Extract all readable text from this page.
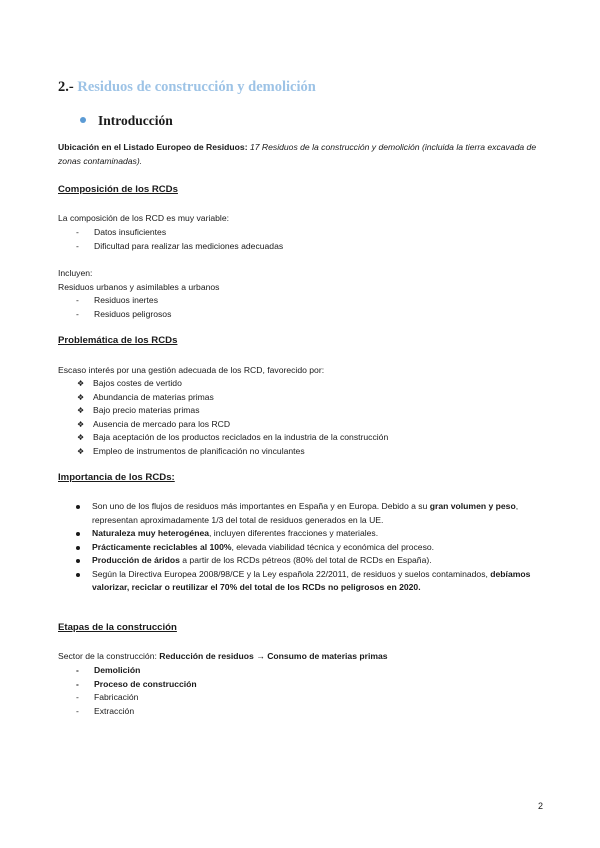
2.- Residuos de construcción y demolición
Introducción
Ubicación en el Listado Europeo de Residuos: 17 Residuos de la construcción y demolición (incluida la tierra excavada de zonas contaminadas).
Composición de los RCDs
La composición de los RCD es muy variable:
- Datos insuficientes
- Dificultad para realizar las mediciones adecuadas
Incluyen:
Residuos urbanos y asimilables a urbanos
- Residuos inertes
- Residuos peligrosos
Problemática de los RCDs
Escaso interés por una gestión adecuada de los RCD, favorecido por:
❖ Bajos costes de vertido
❖ Abundancia de materias primas
❖ Bajo precio materias primas
❖ Ausencia de mercado para los RCD
❖ Baja aceptación de los productos reciclados en la industria de la construcción
❖ Empleo de instrumentos de planificación no vinculantes
Importancia de los RCDs:
Son uno de los flujos de residuos más importantes en España y en Europa. Debido a su gran volumen y peso, representan aproximadamente 1/3 del total de residuos generados en la UE.
Naturaleza muy heterogénea, incluyen diferentes fracciones y materiales.
Prácticamente reciclables al 100%, elevada viabilidad técnica y económica del proceso.
Producción de áridos a partir de los RCDs pétreos (80% del total de RCDs en España).
Según la Directiva Europea 2008/98/CE y la Ley española 22/2011, de residuos y suelos contaminados, debíamos valorizar, reciclar o reutilizar el 70% del total de los RCDs no peligrosos en 2020.
Etapas de la construcción
Sector de la construcción: Reducción de residuos → Consumo de materias primas
- Demolición
- Proceso de construcción
- Fabricación
- Extracción
2
